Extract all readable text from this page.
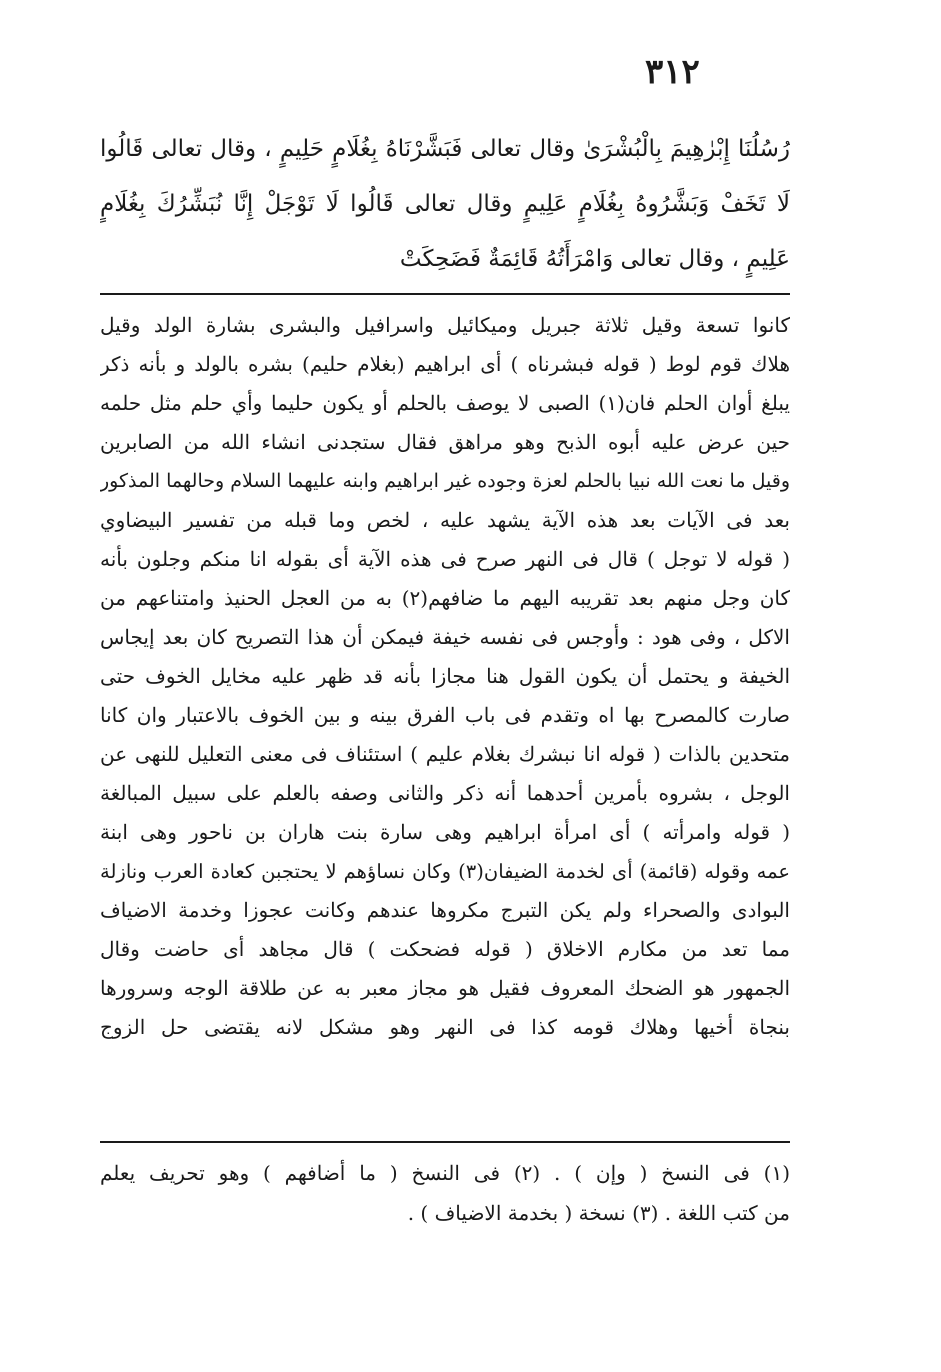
٣١٢
رُسُلُنَا إِبْرٰهِيمَ بِالْبُشْرَىٰ وقال تعالى فَبَشَّرْنَاهُ بِغُلَامٍ حَلِيمٍ ، وقال تعالى قَالُوا
لَا تَخَفْ وَبَشَّرُوهُ بِغُلَامٍ عَلِيمٍ وقال تعالى قَالُوا لَا تَوْجَلْ إِنَّا نُبَشِّرُكَ بِغُلَامٍ
عَلِيمٍ ، وقال تعالى وَامْرَأَتُهُ قَائِمَةٌ فَضَحِكَتْ
كانوا تسعة وقيل ثلاثة جبريل وميكائيل واسرافيل والبشرى بشارة الولد وقيل
هلاك قوم لوط ( قوله فبشرناه ) أى ابراهيم (بغلام حليم) بشره بالولد و بأنه ذكر
يبلغ أوان الحلم فان(١) الصبى لا يوصف بالحلم أو يكون حليما وأي حلم مثل حلمه
حين عرض عليه أبوه الذبح وهو مراهق فقال ستجدنى انشاء الله من الصابرين
وقيل ما نعت الله نبيا بالحلم لعزة وجوده غير ابراهيم وابنه عليهما السلام وحالهما المذكور
بعد فى الآيات بعد هذه الآية يشهد عليه ، لخص وما قبله من تفسير البيضاوي
( قوله لا توجل ) قال فى النهر صرح فى هذه الآية أى بقوله انا منكم وجلون بأنه
كان وجل منهم بعد تقريبه اليهم ما ضافهم(٢) به من العجل الحنيذ وامتناعهم من
الاكل ، وفى هود : وأوجس فى نفسه خيفة فيمكن أن هذا التصريح كان بعد إيجاس
الخيفة و يحتمل أن يكون القول هنا مجازا بأنه قد ظهر عليه مخايل الخوف حتى
صارت كالمصرح بها اه وتقدم فى باب الفرق بينه و بين الخوف بالاعتبار وان كانا
متحدين بالذات ( قوله انا نبشرك بغلام عليم ) استئناف فى معنى التعليل للنهى عن
الوجل ، بشروه بأمرين أحدهما أنه ذكر والثانى وصفه بالعلم على سبيل المبالغة
( قوله وامرأته ) أى امرأة ابراهيم وهى سارة بنت هاران بن ناحور وهى ابنة
عمه وقوله (قائمة) أى لخدمة الضيفان(٣) وكان نساؤهم لا يحتجبن كعادة العرب ونازلة
البوادى والصحراء ولم يكن التبرج مكروها عندهم وكانت عجوزا وخدمة الاضياف
مما تعد من مكارم الاخلاق ( قوله فضحكت ) قال مجاهد أى حاضت وقال
الجمهور هو الضحك المعروف فقيل هو مجاز معبر به عن طلاقة الوجه وسرورها
بنجاة أخيها وهلاك قومه كذا فى النهر وهو مشكل لانه يقتضى حل الزوج
(١) فى النسخ ( وإن ) . (٢) فى النسخ ( ما أضافهم ) وهو تحريف يعلم
من كتب اللغة . (٣) نسخة ( بخدمة الاضياف ) .
